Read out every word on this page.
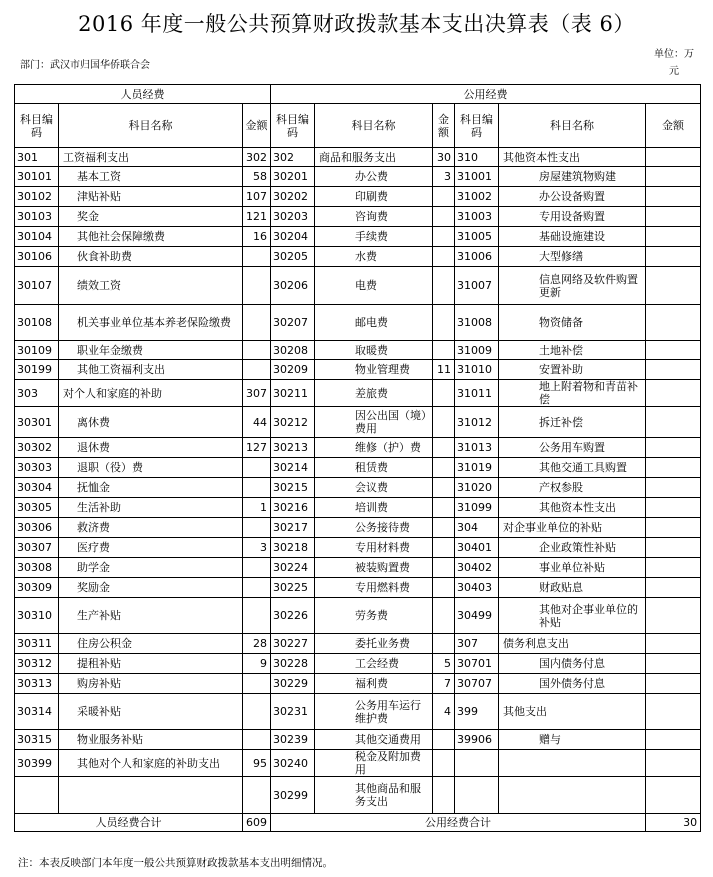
2016 年度一般公共预算财政拨款基本支出决算表（表 6）
部门：武汉市归国华侨联合会
单位：万元
人员经费			公用经费					
科目编码	科目名称	金额	科目编码	科目名称	金额	科目编码	科目名称	金额
301	工资福利支出	302	302	商品和服务支出	30	310	其他资本性支出	
30101	基本工资	58	30201	办公费	3	31001	房屋建筑物购建	
30102	津贴补贴	107	30202	印刷费		31002	办公设备购置	
30103	奖金	121	30203	咨询费		31003	专用设备购置	
30104	其他社会保障缴费	16	30204	手续费		31005	基础设施建设	
30106	伙食补助费		30205	水费		31006	大型修缮	
30107	绩效工资		30206	电费		31007	信息网络及软件购置更新	
30108	机关事业单位基本养老保险缴费		30207	邮电费		31008	物资储备	
30109	职业年金缴费		30208	取暖费		31009	土地补偿	
30199	其他工资福利支出		30209	物业管理费	11	31010	安置补助	
303	对个人和家庭的补助	307	30211	差旅费		31011	地上附着物和青苗补偿	
30301	离休费	44	30212	因公出国（境）费用		31012	拆迁补偿	
30302	退休费	127	30213	维修（护）费		31013	公务用车购置	
30303	退职（役）费		30214	租赁费		31019	其他交通工具购置	
30304	抚恤金		30215	会议费		31020	产权参股	
30305	生活补助	1	30216	培训费		31099	其他资本性支出	
30306	救济费		30217	公务接待费		304	对企事业单位的补贴	
30307	医疗费	3	30218	专用材料费		30401	企业政策性补贴	
30308	助学金		30224	被装购置费		30402	事业单位补贴	
30309	奖励金		30225	专用燃料费		30403	财政贴息	
30310	生产补贴		30226	劳务费		30499	其他对企事业单位的补贴	
30311	住房公积金	28	30227	委托业务费		307	债务利息支出	
30312	提租补贴	9	30228	工会经费	5	30701	国内债务付息	
30313	购房补贴		30229	福利费	7	30707	国外债务付息	
30314	采暖补贴		30231	公务用车运行维护费	4	399	其他支出	
30315	物业服务补贴		30239	其他交通费用		39906	赠与	
30399	其他对个人和家庭的补助支出	95	30240	税金及附加费用				
			30299	其他商品和服务支出				
人员经费合计		609	公用经费合计					30
注：本表反映部门本年度一般公共预算财政拨款基本支出明细情况。
